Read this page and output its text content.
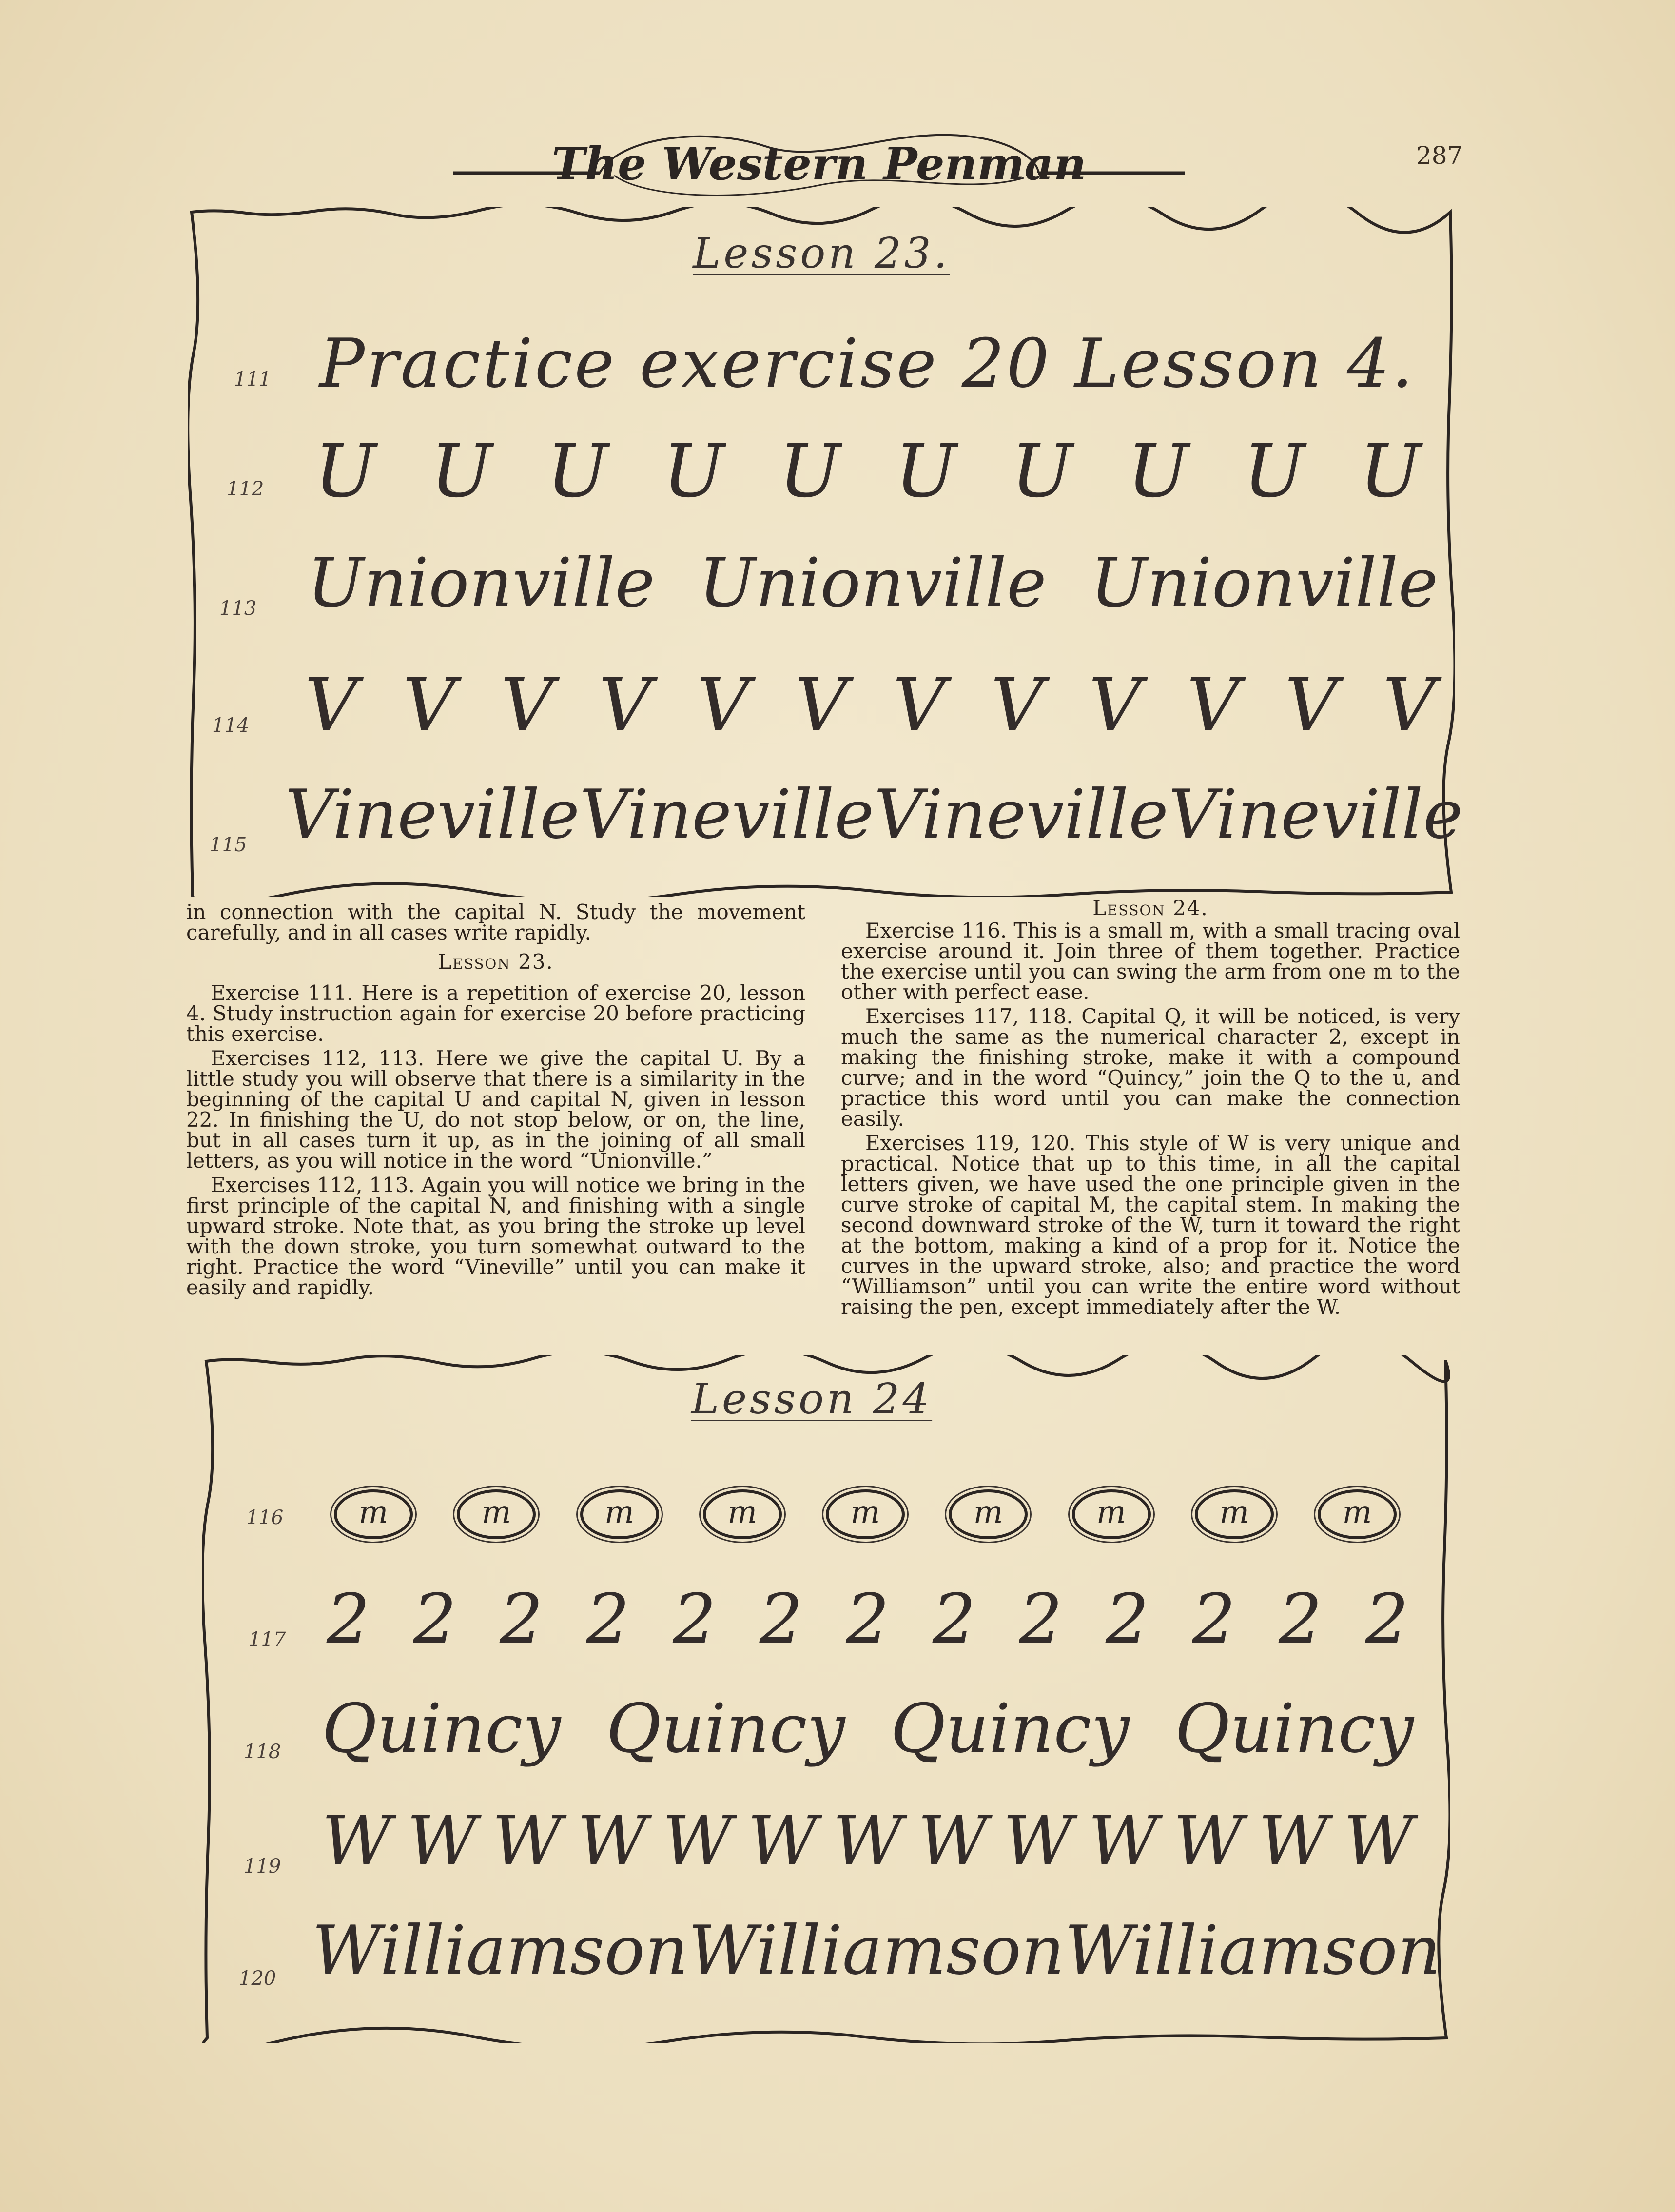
The Western Penman	287
Lesson 23.
111 Practice exercise 20 Lesson 4.
112 U U U U U U U U U U
113 Unionville Unionville Unionville
114 V V V V V V V V V V V V
115 Vineville Vineville Vineville Vineville

in connection with the capital N. Study the movement carefully, and in all cases write rapidly.

Lesson 23.

Exercise 111. Here is a repetition of exercise 20, lesson 4. Study instruction again for exercise 20 before practicing this exercise.

Exercises 112, 113. Here we give the capital U. By a little study you will observe that there is a similarity in the beginning of the capital U and capital N, given in lesson 22. In finishing the U, do not stop below, or on, the line, but in all cases turn it up, as in the joining of all small letters, as you will notice in the word “Unionville.”

Exercises 112, 113. Again you will notice we bring in the first principle of the capital N, and finishing with a single upward stroke. Note that, as you bring the stroke up level with the down stroke, you turn somewhat outward to the right. Practice the word “Vineville” until you can make it easily and rapidly.

Lesson 24.

Exercise 116. This is a small m, with a small tracing oval exercise around it. Join three of them together. Practice the exercise until you can swing the arm from one m to the other with perfect ease.

Exercises 117, 118. Capital Q, it will be noticed, is very much the same as the numerical character 2, except in making the finishing stroke, make it with a compound curve; and in the word “Quincy,” join the Q to the u, and practice this word until you can make the connection easily.

Exercises 119, 120. This style of W is very unique and practical. Notice that up to this time, in all the capital letters given, we have used the one principle given in the curve stroke of capital M, the capital stem. In making the second downward stroke of the W, turn it toward the right at the bottom, making a kind of a prop for it. Notice the curves in the upward stroke, also; and practice the word “Williamson” until you can write the entire word without raising the pen, except immediately after the W.

Lesson 24
116	m	m	m	m	m	m	m	m	m
117 2 2 2 2 2 2 2 2 2 2 2 2 2
118 Quincy Quincy Quincy Quincy
119 W W W W W W W W W W W W W
120 Williamson Williamson Williamson
